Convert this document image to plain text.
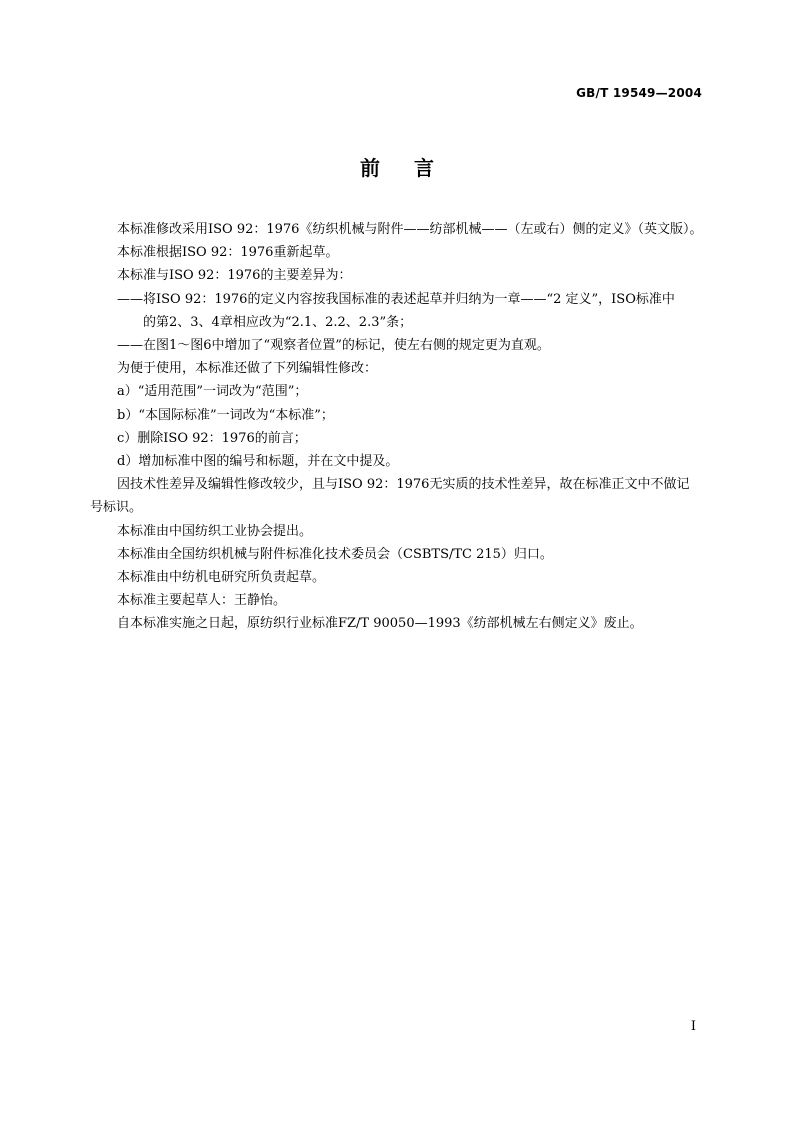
GB/T 19549—2004
前言

本标准修改采用ISO 92：1976《纺织机械与附件——纺部机械——（左或右）侧的定义》（英文版）。

本标准根据ISO 92：1976重新起草。

本标准与ISO 92：1976的主要差异为：

——将ISO 92：1976的定义内容按我国标准的表述起草并归纳为一章——“2 定义”，ISO标准中

的第2、3、4章相应改为“2.1、2.2、2.3”条；

——在图1～图6中增加了“观察者位置”的标记，使左右侧的规定更为直观。

为便于使用，本标准还做了下列编辑性修改：

a）“适用范围”一词改为“范围”；

b）“本国际标准”一词改为“本标准”；

c）删除ISO 92：1976的前言；

d）增加标准中图的编号和标题，并在文中提及。

因技术性差异及编辑性修改较少，且与ISO 92：1976无实质的技术性差异，故在标准正文中不做记

号标识。

本标准由中国纺织工业协会提出。

本标准由全国纺织机械与附件标准化技术委员会（CSBTS/TC 215）归口。

本标准由中纺机电研究所负责起草。

本标准主要起草人：王静怡。

自本标准实施之日起，原纺织行业标准FZ/T 90050—1993《纺部机械左右侧定义》废止。

I
